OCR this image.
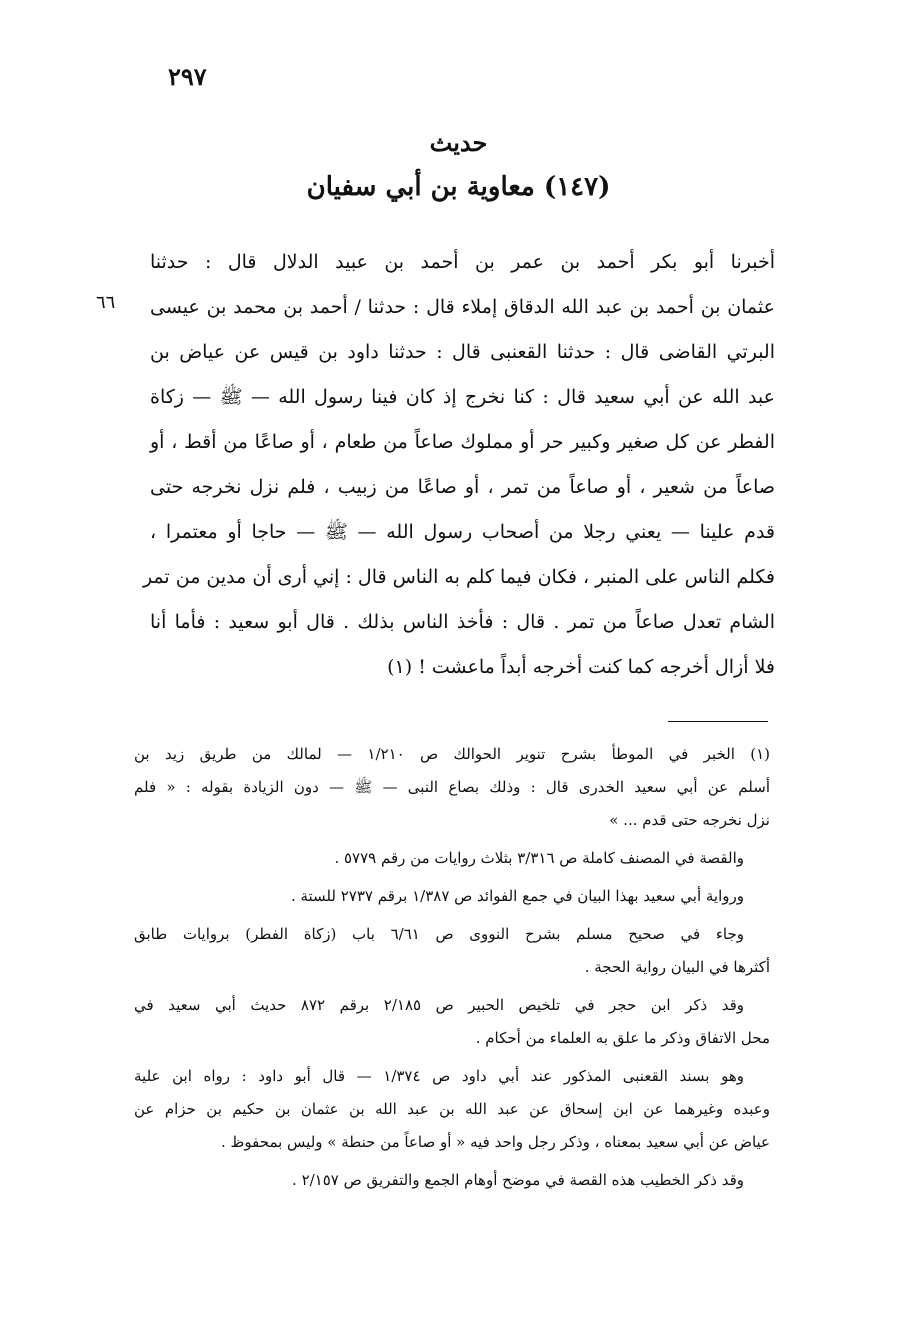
٢٩٧
حديث
(١٤٧) معاوية بن أبي سفيان
٦٦
أخبرنا أبو بكر أحمد بن عمر بن أحمد بن عبيد الدلال قال : حدثنا
عثمان بن أحمد بن عبد الله الدقاق إملاء قال : حدثنا / أحمد بن محمد بن عيسى
البرتي القاضى قال : حدثنا القعنبى قال : حدثنا داود بن قيس عن عياض بن
عبد الله عن أبي سعيد قال : كنا نخرج إذ كان فينا رسول الله — ﷺ — زكاة
الفطر عن كل صغير وكبير حر أو مملوك صاعاً من طعام ، أو صاعًا من أقط ، أو
صاعاً من شعير ، أو صاعاً من تمر ، أو صاعًا من زبيب ، فلم نزل نخرجه حتى
قدم علينا — يعني رجلا من أصحاب رسول الله — ﷺ — حاجا أو معتمرا ،
فكلم الناس على المنبر ، فكان فيما كلم به الناس قال : إني أرى أن مدين من تمر
الشام تعدل صاعاً من تمر . قال : فأخذ الناس بذلك . قال أبو سعيد : فأما أنا
فلا أزال أخرجه كما كنت أخرجه أبداً ماعشت ! (١)
(١) الخبر في الموطأ بشرح تنوير الحوالك ص ١/٢١٠ — لمالك من طريق زيد بن
أسلم عن أبي سعيد الخدرى قال : وذلك بصاع النبى — ﷺ — دون الزيادة بقوله : « فلم
نزل نخرجه حتى قدم ... »
والقصة في المصنف كاملة ص ٣/٣١٦ بثلاث روايات من رقم ٥٧٧٩ .
ورواية أبي سعيد بهذا البيان في جمع الفوائد ص ١/٣٨٧ برقم ٢٧٣٧ للستة .
وجاء في صحيح مسلم بشرح النووى ص ٦/٦١ باب (زكاة الفطر) بروايات طابق
أكثرها في البيان رواية الحجة .
وقد ذكر ابن حجر في تلخيص الحبير ص ٢/١٨٥ برقم ٨٧٢ حديث أبي سعيد في
محل الاتفاق وذكر ما علق به العلماء من أحكام .
وهو بسند القعنبى المذكور عند أبي داود ص ١/٣٧٤ — قال أبو داود : رواه ابن علية
وعبده وغيرهما عن ابن إسحاق عن عبد الله بن عبد الله بن عثمان بن حكيم بن حزام عن
عياض عن أبي سعيد بمعناه ، وذكر رجل واحد فيه « أو صاعاً من حنطة » وليس بمحفوظ .
وقد ذكر الخطيب هذه القصة في موضح أوهام الجمع والتفريق ص ٢/١٥٧ .
